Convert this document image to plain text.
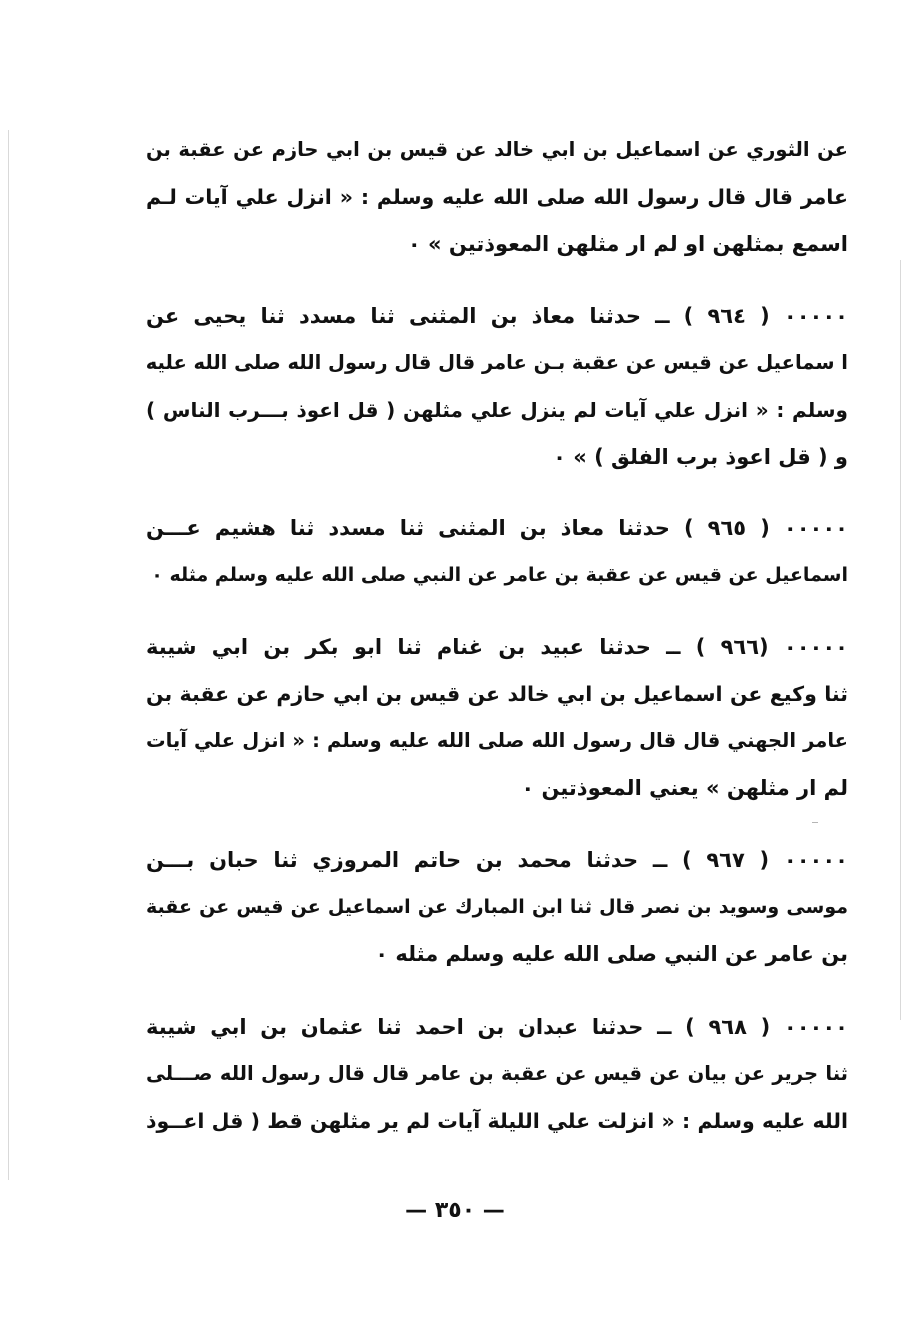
عن الثوري عن اسماعيل بن ابي خالد عن قيس بن ابي حازم عن عقبة بن
عامر قال قال رسول الله صلى الله عليه وسلم : « انزل علي آيات لـم
اسمع بمثلهن او لم ار مثلهن المعوذتين » ٠
٠٠٠٠٠ ( ٩٦٤ ) ــ حدثنا معاذ بن المثنى ثنا مسدد ثنا يحيى عن
ا سماعيل عن قيس عن عقبة بـن عامر قال قال رسول الله صلى الله عليه
وسلم : « انزل علي آيات لم ينزل علي مثلهن ( قل اعوذ بـــرب الناس )
و ( قل اعوذ برب الفلق ) » ٠
٠٠٠٠٠ ( ٩٦٥ ) حدثنا معاذ بن المثنى ثنا مسدد ثنا هشيم عـــن
اسماعيل عن قيس عن عقبة بن عامر عن النبي صلى الله عليه وسلم مثله ٠
٠٠٠٠٠ (٩٦٦ ) ــ حدثنا عبيد بن غنام ثنا ابو بكر بن ابي شيبة
ثنا وكيع عن اسماعيل بن ابي خالد عن قيس بن ابي حازم عن عقبة بن
عامر الجهني قال قال رسول الله صلى الله عليه وسلم : « انزل علي آيات
لم ار مثلهن » يعني المعوذتين ٠
٠٠٠٠٠ ( ٩٦٧ ) ــ حدثنا محمد بن حاتم المروزي ثنا حبان بـــن
موسى وسويد بن نصر قال ثنا ابن المبارك عن اسماعيل عن قيس عن عقبة
بن عامر عن النبي صلى الله عليه وسلم مثله ٠
٠٠٠٠٠ ( ٩٦٨ ) ــ حدثنا عبدان بن احمد ثنا عثمان بن ابي شيبة
ثنا جرير عن بيان عن قيس عن عقبة بن عامر قال قال رسول الله صـــلى
الله عليه وسلم : « انزلت علي الليلة آيات لم ير مثلهن قط ( قل اعــوذ
— ٣٥٠ —
